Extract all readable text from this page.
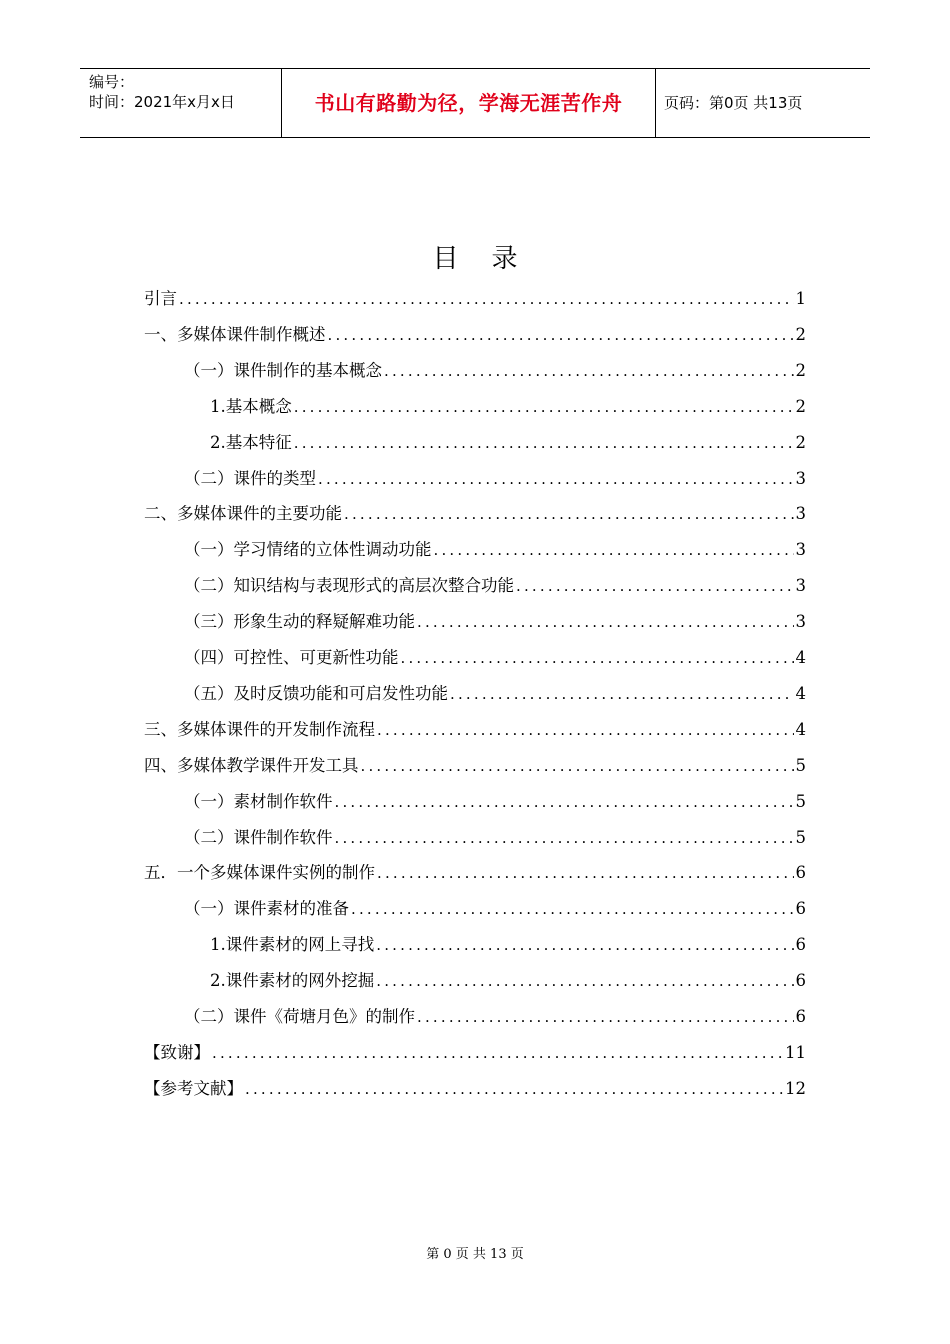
编号：
时间：2021年x月x日	书山有路勤为径，学海无涯苦作舟	页码：第0页 共13页
目    录
引言 .....	1
一、多媒体课件制作概述 .....	2
（一）课件制作的基本概念 .....	2
1.基本概念 .....	2
2.基本特征 .....	2
（二）课件的类型 .....	3
二、多媒体课件的主要功能 .....	3
（一）学习情绪的立体性调动功能 .....	3
（二）知识结构与表现形式的高层次整合功能 .....	3
（三）形象生动的释疑解难功能 .....	3
（四）可控性、可更新性功能 .....	4
（五）及时反馈功能和可启发性功能 .....	4
三、多媒体课件的开发制作流程 .....	4
四、多媒体教学课件开发工具 .....	5
（一）素材制作软件 .....	5
（二）课件制作软件 .....	5
五．一个多媒体课件实例的制作 .....	6
（一）课件素材的准备 .....	6
1.课件素材的网上寻找 .....	6
2.课件素材的网外挖掘 .....	6
（二）课件《荷塘月色》的制作 .....	6
【致谢】 .....	11
【参考文献】 .....	12
第 0 页 共 13 页
